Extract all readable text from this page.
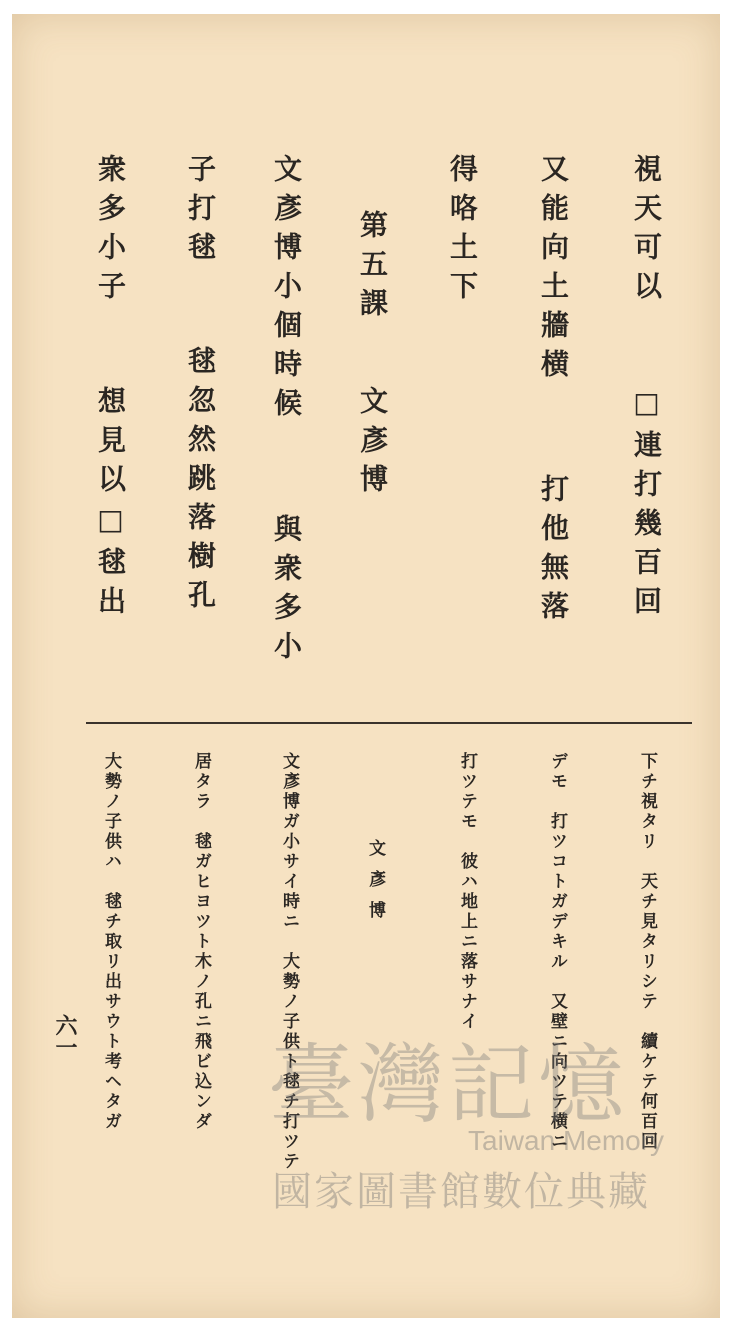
視天可以
□連打幾百回
又能向土牆横
打他無落
得咯土下
第五課
文彥博
文彥博小個時候
與衆多小
子打毬
毬忽然跳落樹孔
衆多小子
想見以□毬出
下チ視タリ　天チ見タリシテ　續ケテ何百回
デモ　打ツコトガデキル　又壁ニ向ツテ横ニ
打ツテモ　彼ハ地上ニ落サナイ
文彥博
文彥博ガ小サイ時ニ　大勢ノ子供ト毬チ打ツテ
居タラ　毬ガヒヨツト木ノ孔ニ飛ビ込ンダ
大勢ノ子供ハ　毬チ取リ出サウト考ヘタガ
六一 臺灣記憶
Taiwan Memory
國家圖書館數位典藏
